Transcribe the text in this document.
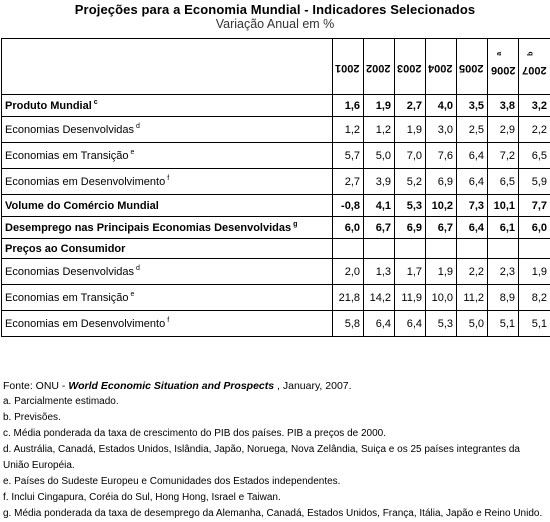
Projeções para a Economia Mundial - Indicadores Selecionados
Variação Anual em %
	2001	2002	2003	2004	2005	2006$^a$	2007$^b$
Produto Mundial $^c$	1,6	1,9	2,7	4,0	3,5	3,8	3,2
Economias Desenvolvidas $^d$	1,2	1,2	1,9	3,0	2,5	2,9	2,2
Economias em Transição $^e$	5,7	5,0	7,0	7,6	6,4	7,2	6,5
Economias em Desenvolvimento $^f$	2,7	3,9	5,2	6,9	6,4	6,5	5,9
Volume do Comércio Mundial	-0,8	4,1	5,3	10,2	7,3	10,1	7,7
Desemprego nas Principais Economias Desenvolvidas $^g$	6,0	6,7	6,9	6,7	6,4	6,1	6,0
Preços ao Consumidor							
Economias Desenvolvidas $^d$	2,0	1,3	1,7	1,9	2,2	2,3	1,9
Economias em Transição $^e$	21,8	14,2	11,9	10,0	11,2	8,9	8,2
Economias em Desenvolvimento $^f$	5,8	6,4	6,4	5,3	5,0	5,1	5,1
Fonte: ONU - World Economic Situation and Prospects , January, 2007.
a. Parcialmente estimado.
b. Previsões.
c. Média ponderada da taxa de crescimento do PIB dos países. PIB a preços de 2000.
d. Austrália, Canadá, Estados Unidos, Islândia, Japão, Noruega, Nova Zelândia, Suiça e os 25 países integrantes da União Européia.
e. Países do Sudeste Europeu e Comunidades dos Estados independentes.
f. Inclui Cingapura, Coréia do Sul, Hong Hong, Israel e Taiwan.
g. Média ponderada da taxa de desemprego da Alemanha, Canadá, Estados Unidos, França, Itália, Japão e Reino Unido.
